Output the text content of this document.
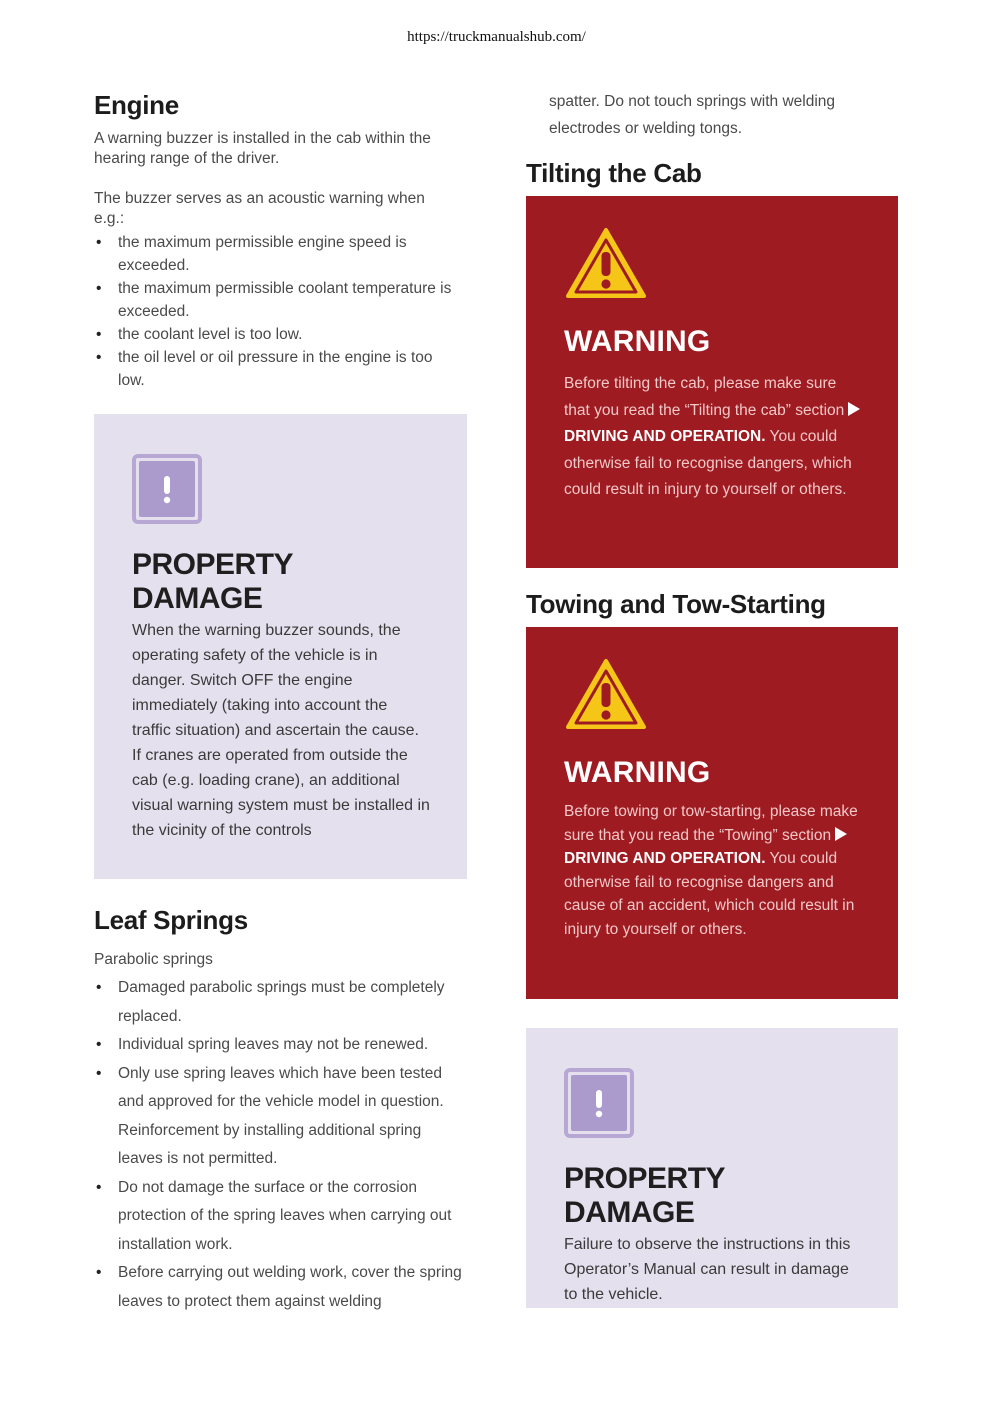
https://truckmanualshub.com/
Engine

A warning buzzer is installed in the cab within the hearing range of the driver.

The buzzer serves as an acoustic warning when e.g.:

• the maximum permissible engine speed is exceeded.
• the maximum permissible coolant temperature is exceeded.
• the coolant level is too low.
• the oil level or oil pressure in the engine is too low.
PROPERTY DAMAGE

When the warning buzzer sounds, the operating safety of the vehicle is in danger. Switch OFF the engine immediately (taking into account the traffic situation) and ascertain the cause.

If cranes are operated from outside the cab (e.g. loading crane), an additional visual warning system must be installed in the vicinity of the controls

Leaf Springs

Parabolic springs

• Damaged parabolic springs must be completely replaced.
• Individual spring leaves may not be renewed.
• Only use spring leaves which have been tested and approved for the vehicle model in question. Reinforcement by installing additional spring leaves is not permitted.
• Do not damage the surface or the corrosion protection of the spring leaves when carrying out installation work.
• Before carrying out welding work, cover the spring leaves to protect them against welding

spatter. Do not touch springs with welding electrodes or welding tongs.

Tilting the Cab
WARNING

Before tilting the cab, please make sure that you read the “Tilting the cab” sectionDRIVING AND OPERATION. You could otherwise fail to recognise dangers, which could result in injury to yourself or others.

Towing and Tow-Starting
WARNING

Before towing or tow-starting, please make sure that you read the “Towing” sectionDRIVING AND OPERATION. You could otherwise fail to recognise dangers and cause of an accident, which could result in injury to yourself or others.

PROPERTY DAMAGE

Failure to observe the instructions in this Operator’s Manual can result in damage to the vehicle.
